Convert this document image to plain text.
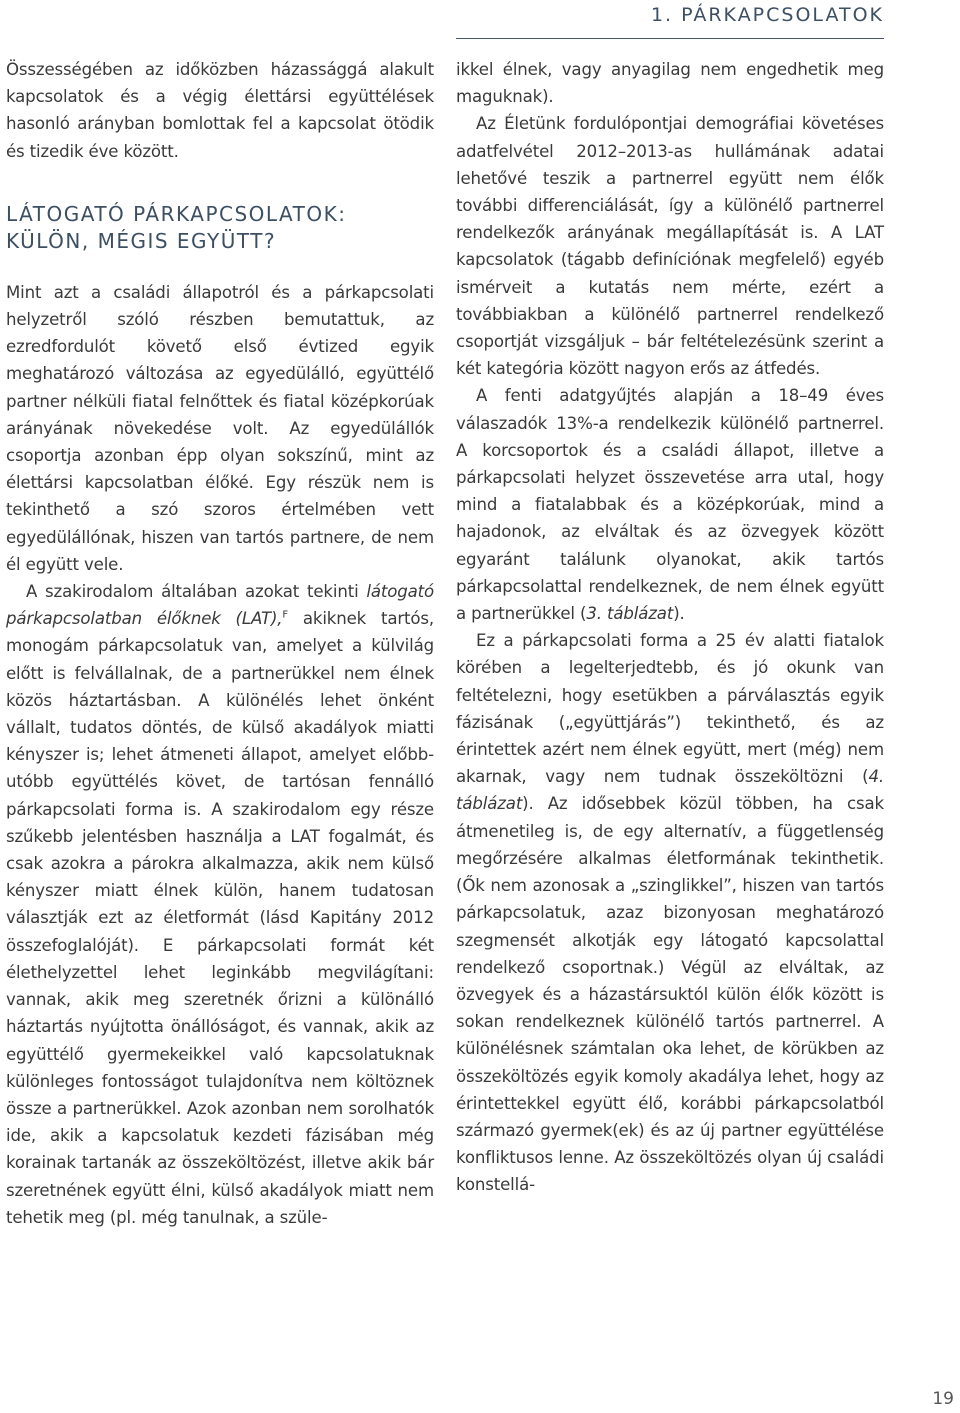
1. PÁRKAPCSOLATOK

Összességében az időközben házassággá alakult kapcsolatok és a végig élettársi együttélések hasonló arányban bomlottak fel a kapcsolat ötödik és tizedik éve között.

LÁTOGATÓ PÁRKAPCSOLATOK:
KÜLÖN, MÉGIS EGYÜTT?

Mint azt a családi állapotról és a párkapcsolati helyzetről szóló részben bemutattuk, az ezredfordulót követő első évtized egyik meghatározó változása az egyedülálló, együttélő partner nélküli fiatal felnőttek és fiatal középkorúak arányának növekedése volt. Az egyedülállók csoportja azonban épp olyan sokszínű, mint az élettársi kapcsolatban élőké. Egy részük nem is tekinthető a szó szoros értelmében vett egyedülállónak, hiszen van tartós partnere, de nem él együtt vele.

A szakirodalom általában azokat tekinti látogató párkapcsolatban élőknek (LAT),$^F$ akiknek tartós, monogám párkapcsolatuk van, amelyet a külvilág előtt is felvállalnak, de a partnerükkel nem élnek közös háztartásban. A különélés lehet önként vállalt, tudatos döntés, de külső akadályok miatti kényszer is; lehet átmeneti állapot, amelyet előbb-utóbb együttélés követ, de tartósan fennálló párkapcsolati forma is. A szakirodalom egy része szűkebb jelentésben használja a LAT fogalmát, és csak azokra a párokra alkalmazza, akik nem külső kényszer miatt élnek külön, hanem tudatosan választják ezt az életformát (lásd Kapitány 2012 összefoglalóját). E párkapcsolati formát két élethelyzettel lehet leginkább megvilágítani: vannak, akik meg szeretnék őrizni a különálló háztartás nyújtotta önállóságot, és vannak, akik az együttélő gyermekeikkel való kapcsolatuknak különleges fontosságot tulajdonítva nem költöznek össze a partnerükkel. Azok azonban nem sorolhatók ide, akik a kapcsolatuk kezdeti fázisában még korainak tartanák az összeköltözést, illetve akik bár szeretnének együtt élni, külső akadályok miatt nem tehetik meg (pl. még tanulnak, a szüle-

ikkel élnek, vagy anyagilag nem engedhetik meg maguknak).

Az Életünk fordulópontjai demográfiai követéses adatfelvétel 2012–2013-as hullámának adatai lehetővé teszik a partnerrel együtt nem élők további differenciálását, így a különélő partnerrel rendelkezők arányának megállapítását is. A LAT kapcsolatok (tágabb definíciónak megfelelő) egyéb ismérveit a kutatás nem mérte, ezért a továbbiakban a különélő partnerrel rendelkező csoportját vizsgáljuk – bár feltételezésünk szerint a két kategória között nagyon erős az átfedés.

A fenti adatgyűjtés alapján a 18–49 éves válaszadók 13%-a rendelkezik különélő partnerrel. A korcsoportok és a családi állapot, illetve a párkapcsolati helyzet összevetése arra utal, hogy mind a fiatalabbak és a középkorúak, mind a hajadonok, az elváltak és az özvegyek között egyaránt találunk olyanokat, akik tartós párkapcsolattal rendelkeznek, de nem élnek együtt a partnerükkel (3. táblázat).

Ez a párkapcsolati forma a 25 év alatti fiatalok körében a legelterjedtebb, és jó okunk van feltételezni, hogy esetükben a párválasztás egyik fázisának („együttjárás”) tekinthető, és az érintettek azért nem élnek együtt, mert (még) nem akarnak, vagy nem tudnak összeköltözni (4. táblázat). Az idősebbek közül többen, ha csak átmenetileg is, de egy alternatív, a függetlenség megőrzésére alkalmas életformának tekinthetik. (Ők nem azonosak a „szinglikkel”, hiszen van tartós párkapcsolatuk, azaz bizonyosan meghatározó szegmensét alkotják egy látogató kapcsolattal rendelkező csoportnak.) Végül az elváltak, az özvegyek és a házastársuktól külön élők között is sokan rendelkeznek különélő tartós partnerrel. A különélésnek számtalan oka lehet, de körükben az összeköltözés egyik komoly akadálya lehet, hogy az érintettekkel együtt élő, korábbi párkapcsolatból származó gyermek(ek) és az új partner együttélése konfliktusos lenne. Az összeköltözés olyan új családi konstellá-

19
